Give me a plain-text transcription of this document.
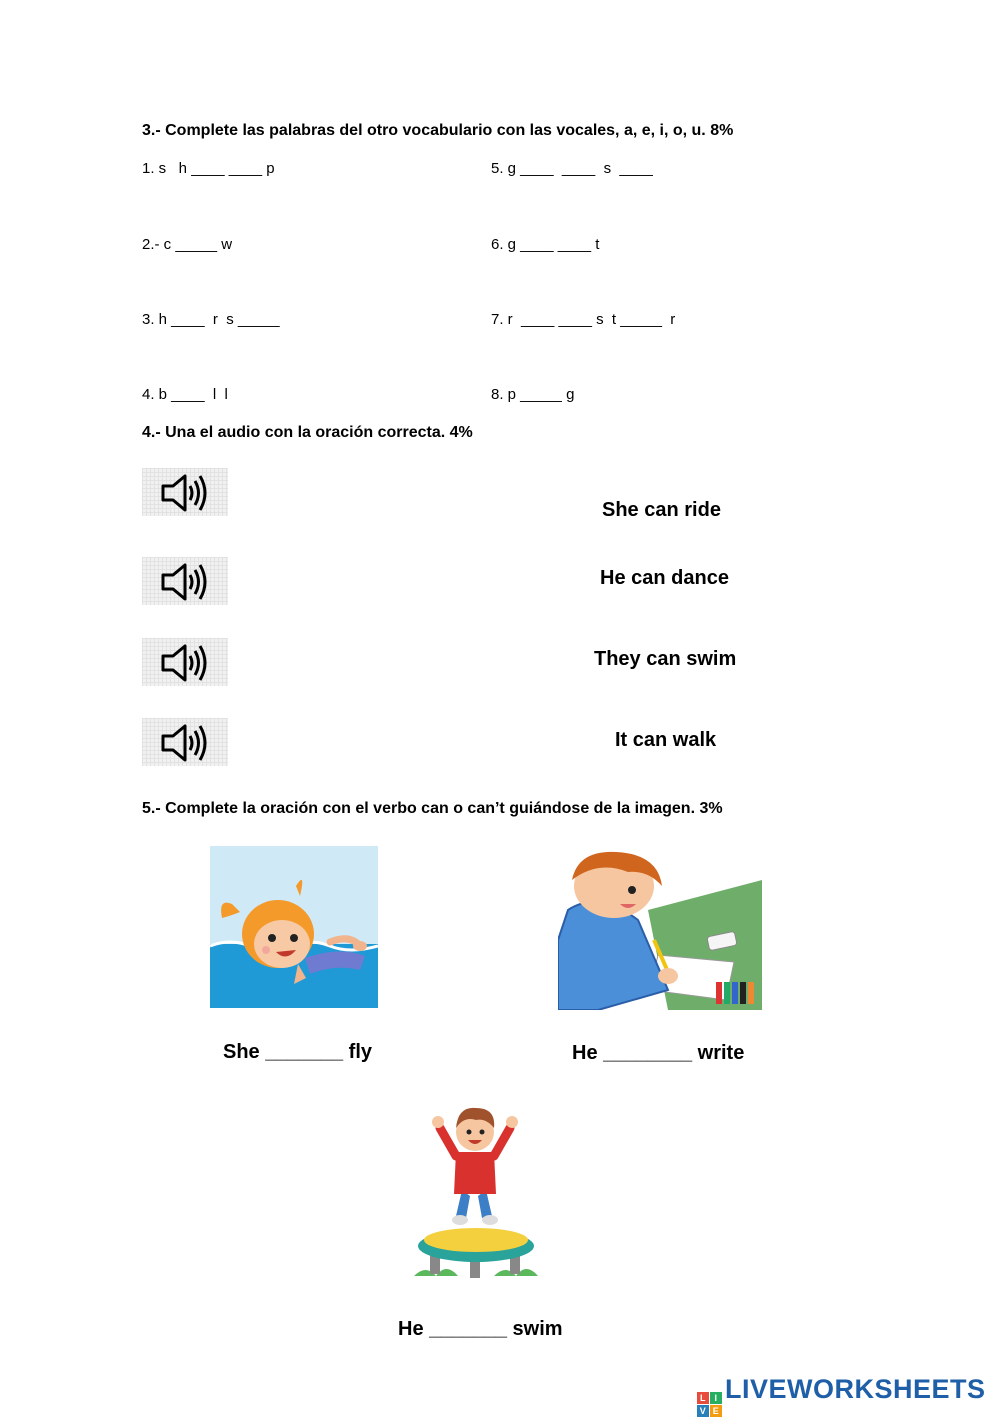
3.- Complete las palabras del otro vocabulario con las vocales, a, e, i, o, u. 8%
1. s   h ____ ____ p
2.- c _____ w
3. h ____  r  s _____
4. b ____  l  l
5. g ____  ____  s  ____
6. g ____ ____ t
7. r  ____ ____ s  t _____  r
8. p _____ g
4.- Una el audio con la oración correcta. 4%
She can ride
He can dance
They can swim
It can walk
5.- Complete la oración con el verbo can o can’t guiándose de la imagen. 3%
She _______ fly	He ________ write
He _______ swim
L I
V E
LIVEWORKSHEETS
